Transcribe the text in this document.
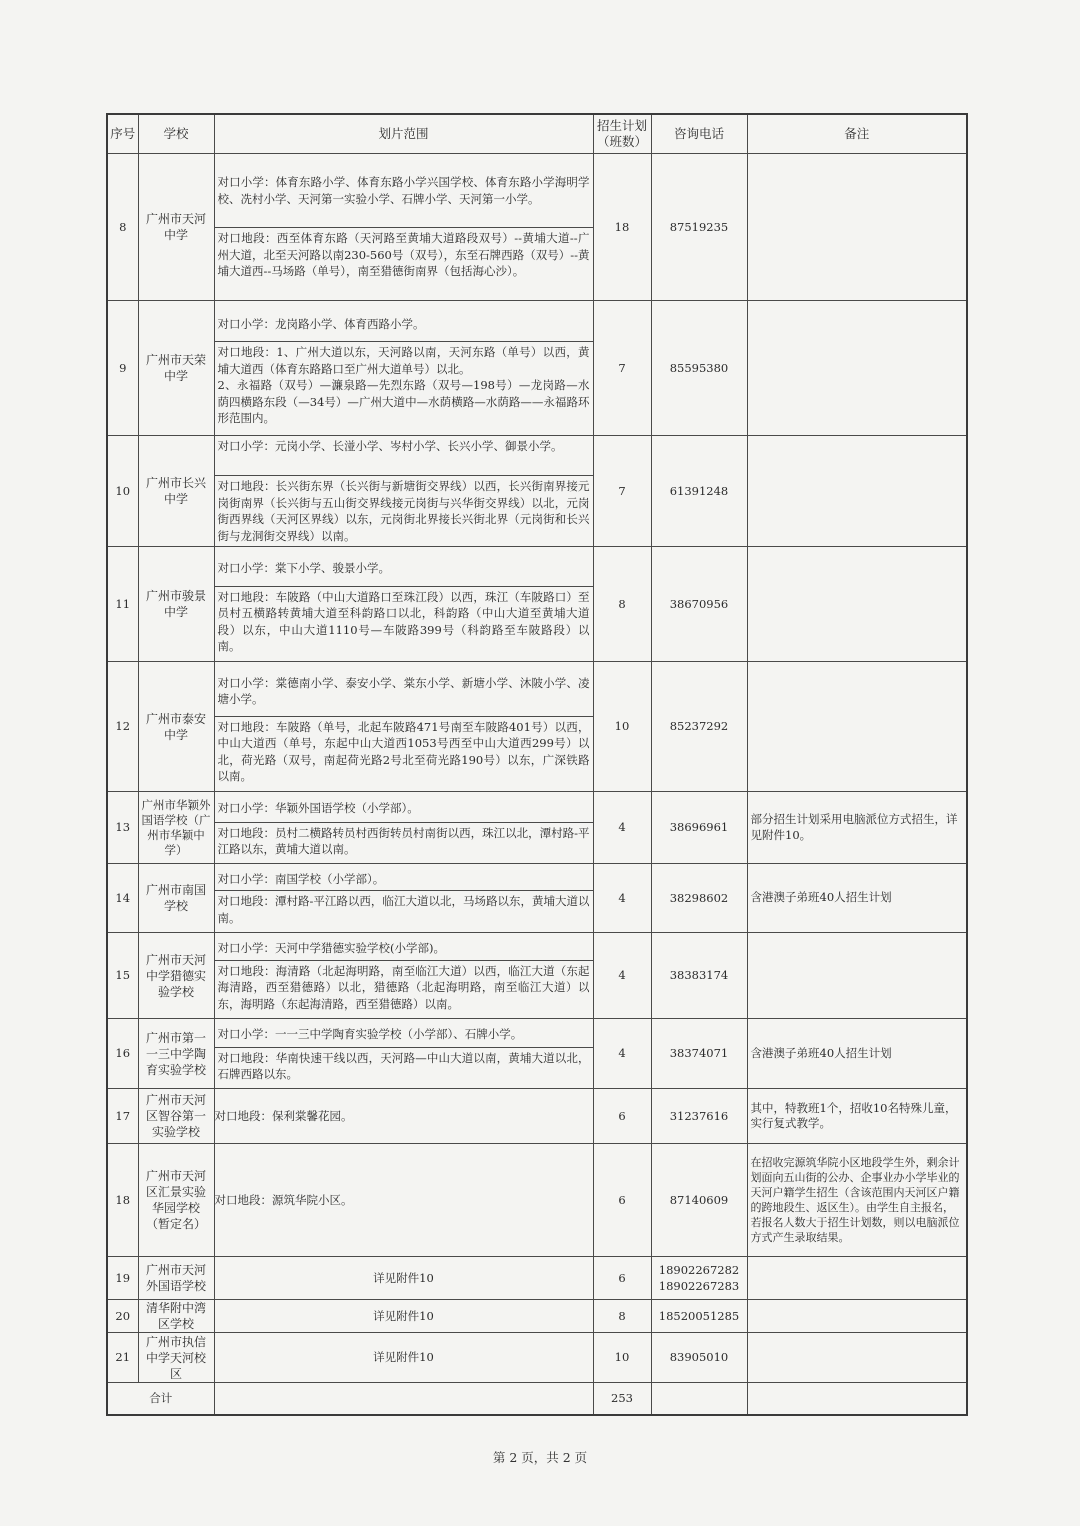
序号	学校	划片范围	招生计划（班数）	咨询电话	备注
8	广州市天河中学	对口小学：体育东路小学、体育东路小学兴国学校、体育东路小学海明学校、冼村小学、天河第一实验小学、石牌小学、天河第一小学。
对口地段：西至体育东路（天河路至黄埔大道路段双号）--黄埔大道--广州大道，北至天河路以南230-560号（双号），东至石牌西路（双号）--黄埔大道西--马场路（单号），南至猎德街南界（包括海心沙）。	18	87519235	
9	广州市天荣中学	对口小学：龙岗路小学、体育西路小学。
对口地段：1、广州大道以东，天河路以南，天河东路（单号）以西，黄埔大道西（体育东路路口至广州大道单号）以北。
2、永福路（双号）—濂泉路—先烈东路（双号—198号）—龙岗路—水荫四横路东段（—34号）—广州大道中—水荫横路—水荫路——永福路环形范围内。	7	85595380	
10	广州市长兴中学	对口小学：元岗小学、长湴小学、岑村小学、长兴小学、御景小学。
对口地段：长兴街东界（长兴街与新塘街交界线）以西，长兴街南界接元岗街南界（长兴街与五山街交界线接元岗街与兴华街交界线）以北，元岗街西界线（天河区界线）以东，元岗街北界接长兴街北界（元岗街和长兴街与龙洞街交界线）以南。	7	61391248	
11	广州市骏景中学	对口小学：棠下小学、骏景小学。
对口地段：车陂路（中山大道路口至珠江段）以西，珠江（车陂路口）至员村五横路转黄埔大道至科韵路口以北，科韵路（中山大道至黄埔大道段）以东，中山大道1110号—车陂路399号（科韵路至车陂路段）以南。	8	38670956	
12	广州市泰安中学	对口小学：棠德南小学、泰安小学、棠东小学、新塘小学、沐陂小学、凌塘小学。
对口地段：车陂路（单号，北起车陂路471号南至车陂路401号）以西，中山大道西（单号，东起中山大道西1053号西至中山大道西299号）以北，荷光路（双号，南起荷光路2号北至荷光路190号）以东，广深铁路以南。	10	85237292	
13	广州市华颖外国语学校（广州市华颖中学）	对口小学：华颖外国语学校（小学部）。
对口地段：员村二横路转员村西街转员村南街以西，珠江以北，潭村路-平江路以东，黄埔大道以南。	4	38696961	部分招生计划采用电脑派位方式招生，详见附件10。
14	广州市南国学校	对口小学：南国学校（小学部）。
对口地段：潭村路-平江路以西，临江大道以北，马场路以东，黄埔大道以南。	4	38298602	含港澳子弟班40人招生计划
15	广州市天河中学猎德实验学校	对口小学：天河中学猎德实验学校(小学部)。
对口地段：海清路（北起海明路，南至临江大道）以西，临江大道（东起海清路，西至猎德路）以北，猎德路（北起海明路，南至临江大道）以东，海明路（东起海清路，西至猎德路）以南。	4	38383174	
16	广州市第一一三中学陶育实验学校	对口小学：一一三中学陶育实验学校（小学部）、石牌小学。
对口地段：华南快速干线以西，天河路—中山大道以南，黄埔大道以北，石牌西路以东。	4	38374071	含港澳子弟班40人招生计划
17	广州市天河区智谷第一实验学校	对口地段：保利棠馨花园。	6	31237616	其中，特教班1个，招收10名特殊儿童，实行复式教学。
18	广州市天河区汇景实验华园学校（暂定名）	对口地段：源筑华院小区。	6	87140609	在招收完源筑华院小区地段学生外，剩余计划面向五山街的公办、企事业办小学毕业的天河户籍学生招生（含该范围内天河区户籍的跨地段生、返区生）。由学生自主报名，若报名人数大于招生计划数，则以电脑派位方式产生录取结果。
19	广州市天河外国语学校	详见附件10	6	18902267282
18902267283	

20	清华附中湾区学校	详见附件10	8	18520051285	
21	广州市执信中学天河校区	详见附件10	10	83905010	
合计			253		
第 2 页，共 2 页
